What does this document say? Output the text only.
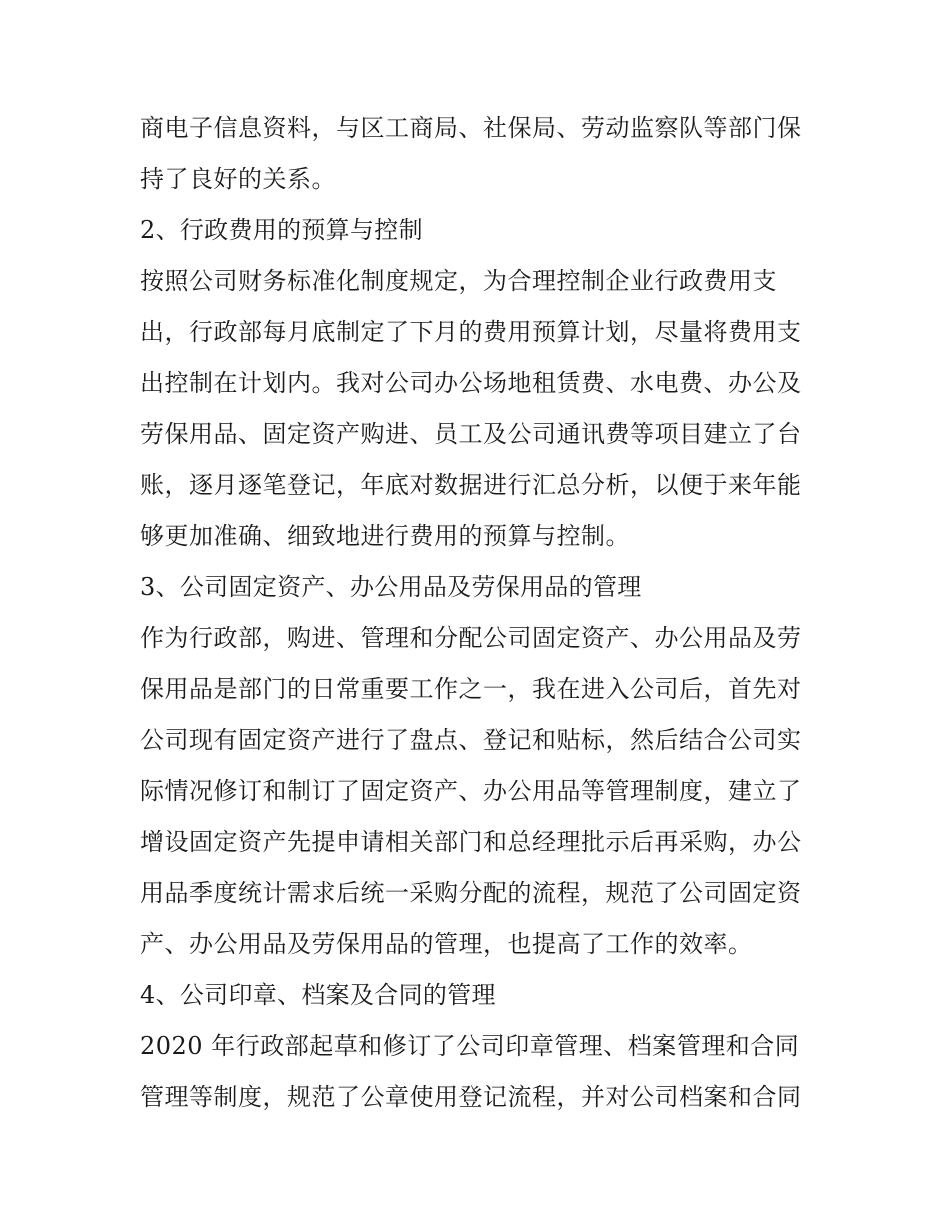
商电子信息资料，与区工商局、社保局、劳动监察队等部门保
持了良好的关系。
2、行政费用的预算与控制
按照公司财务标准化制度规定，为合理控制企业行政费用支
出，行政部每月底制定了下月的费用预算计划，尽量将费用支
出控制在计划内。我对公司办公场地租赁费、水电费、办公及
劳保用品、固定资产购进、员工及公司通讯费等项目建立了台
账，逐月逐笔登记，年底对数据进行汇总分析，以便于来年能
够更加准确、细致地进行费用的预算与控制。
3、公司固定资产、办公用品及劳保用品的管理
作为行政部，购进、管理和分配公司固定资产、办公用品及劳
保用品是部门的日常重要工作之一，我在进入公司后，首先对
公司现有固定资产进行了盘点、登记和贴标，然后结合公司实
际情况修订和制订了固定资产、办公用品等管理制度，建立了
增设固定资产先提申请相关部门和总经理批示后再采购，办公
用品季度统计需求后统一采购分配的流程，规范了公司固定资
产、办公用品及劳保用品的管理，也提高了工作的效率。
4、公司印章、档案及合同的管理
2020 年行政部起草和修订了公司印章管理、档案管理和合同
管理等制度，规范了公章使用登记流程，并对公司档案和合同
